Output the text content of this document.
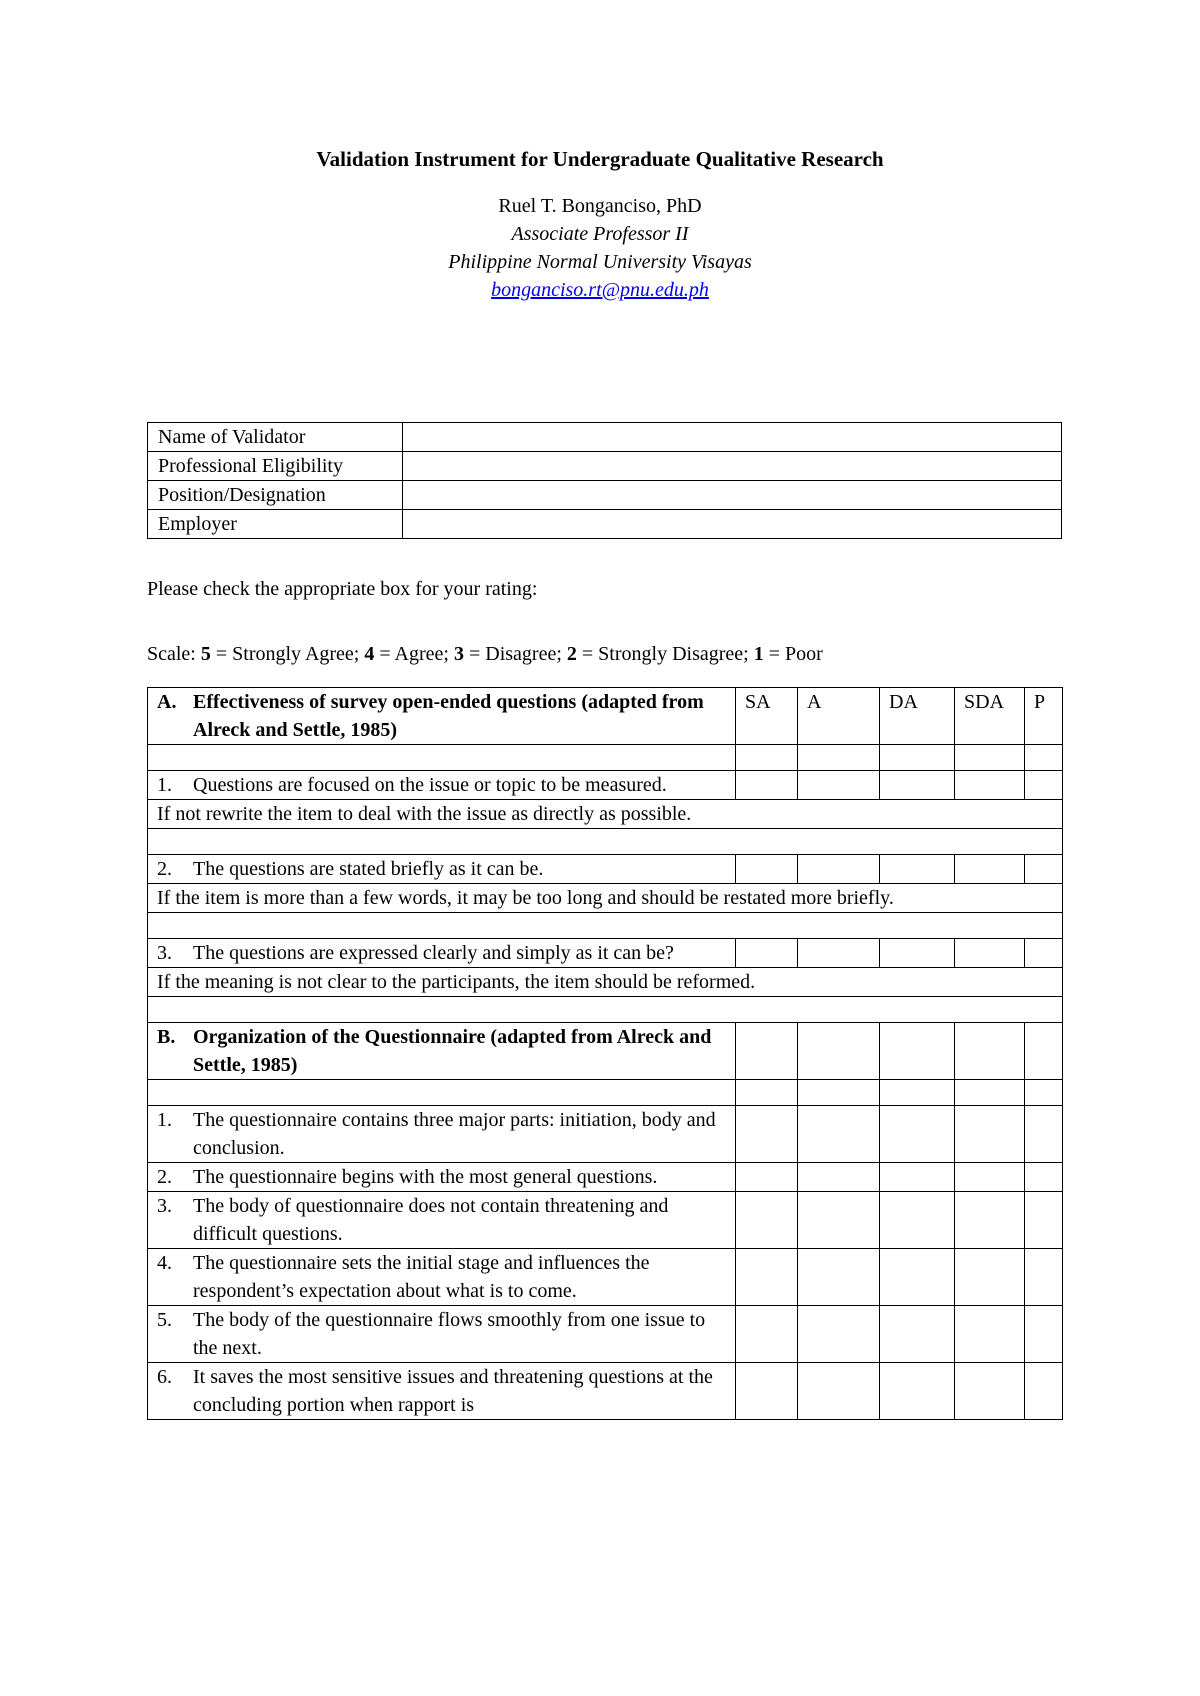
Validation Instrument for Undergraduate Qualitative Research
Ruel T. Bonganciso, PhD
Associate Professor II
Philippine Normal University Visayas
bonganciso.rt@pnu.edu.ph
Name of Validator	
Professional Eligibility	
Position/Designation	
Employer	
Please check the appropriate box for your rating:
Scale: 5 = Strongly Agree; 4 = Agree; 3 = Disagree; 2 = Strongly Disagree; 1 = Poor
A. Effectiveness of survey open-ended questions (adapted from Alreck and Settle, 1985)	SA	A	DA	SDA	P

1. Questions are focused on the issue or topic to be measured.					

If not rewrite the item to deal with the issue as directly as possible.					

2. The questions are stated briefly as it can be.					

If the item is more than a few words, it may be too long and should be restated more briefly.					

3. The questions are expressed clearly and simply as it can be?					

If the meaning is not clear to the participants, the item should be reformed.					

B. Organization of the Questionnaire (adapted from Alreck and Settle, 1985)					

1. The questionnaire contains three major parts: initiation, body and conclusion.					

2. The questionnaire begins with the most general questions.					

3. The body of questionnaire does not contain threatening and difficult questions.					

4. The questionnaire sets the initial stage and influences the respondent’s expectation about what is to come.					

5. The body of the questionnaire flows smoothly from one issue to the next.					

6. It saves the most sensitive issues and threatening questions at the concluding portion when rapport is					
